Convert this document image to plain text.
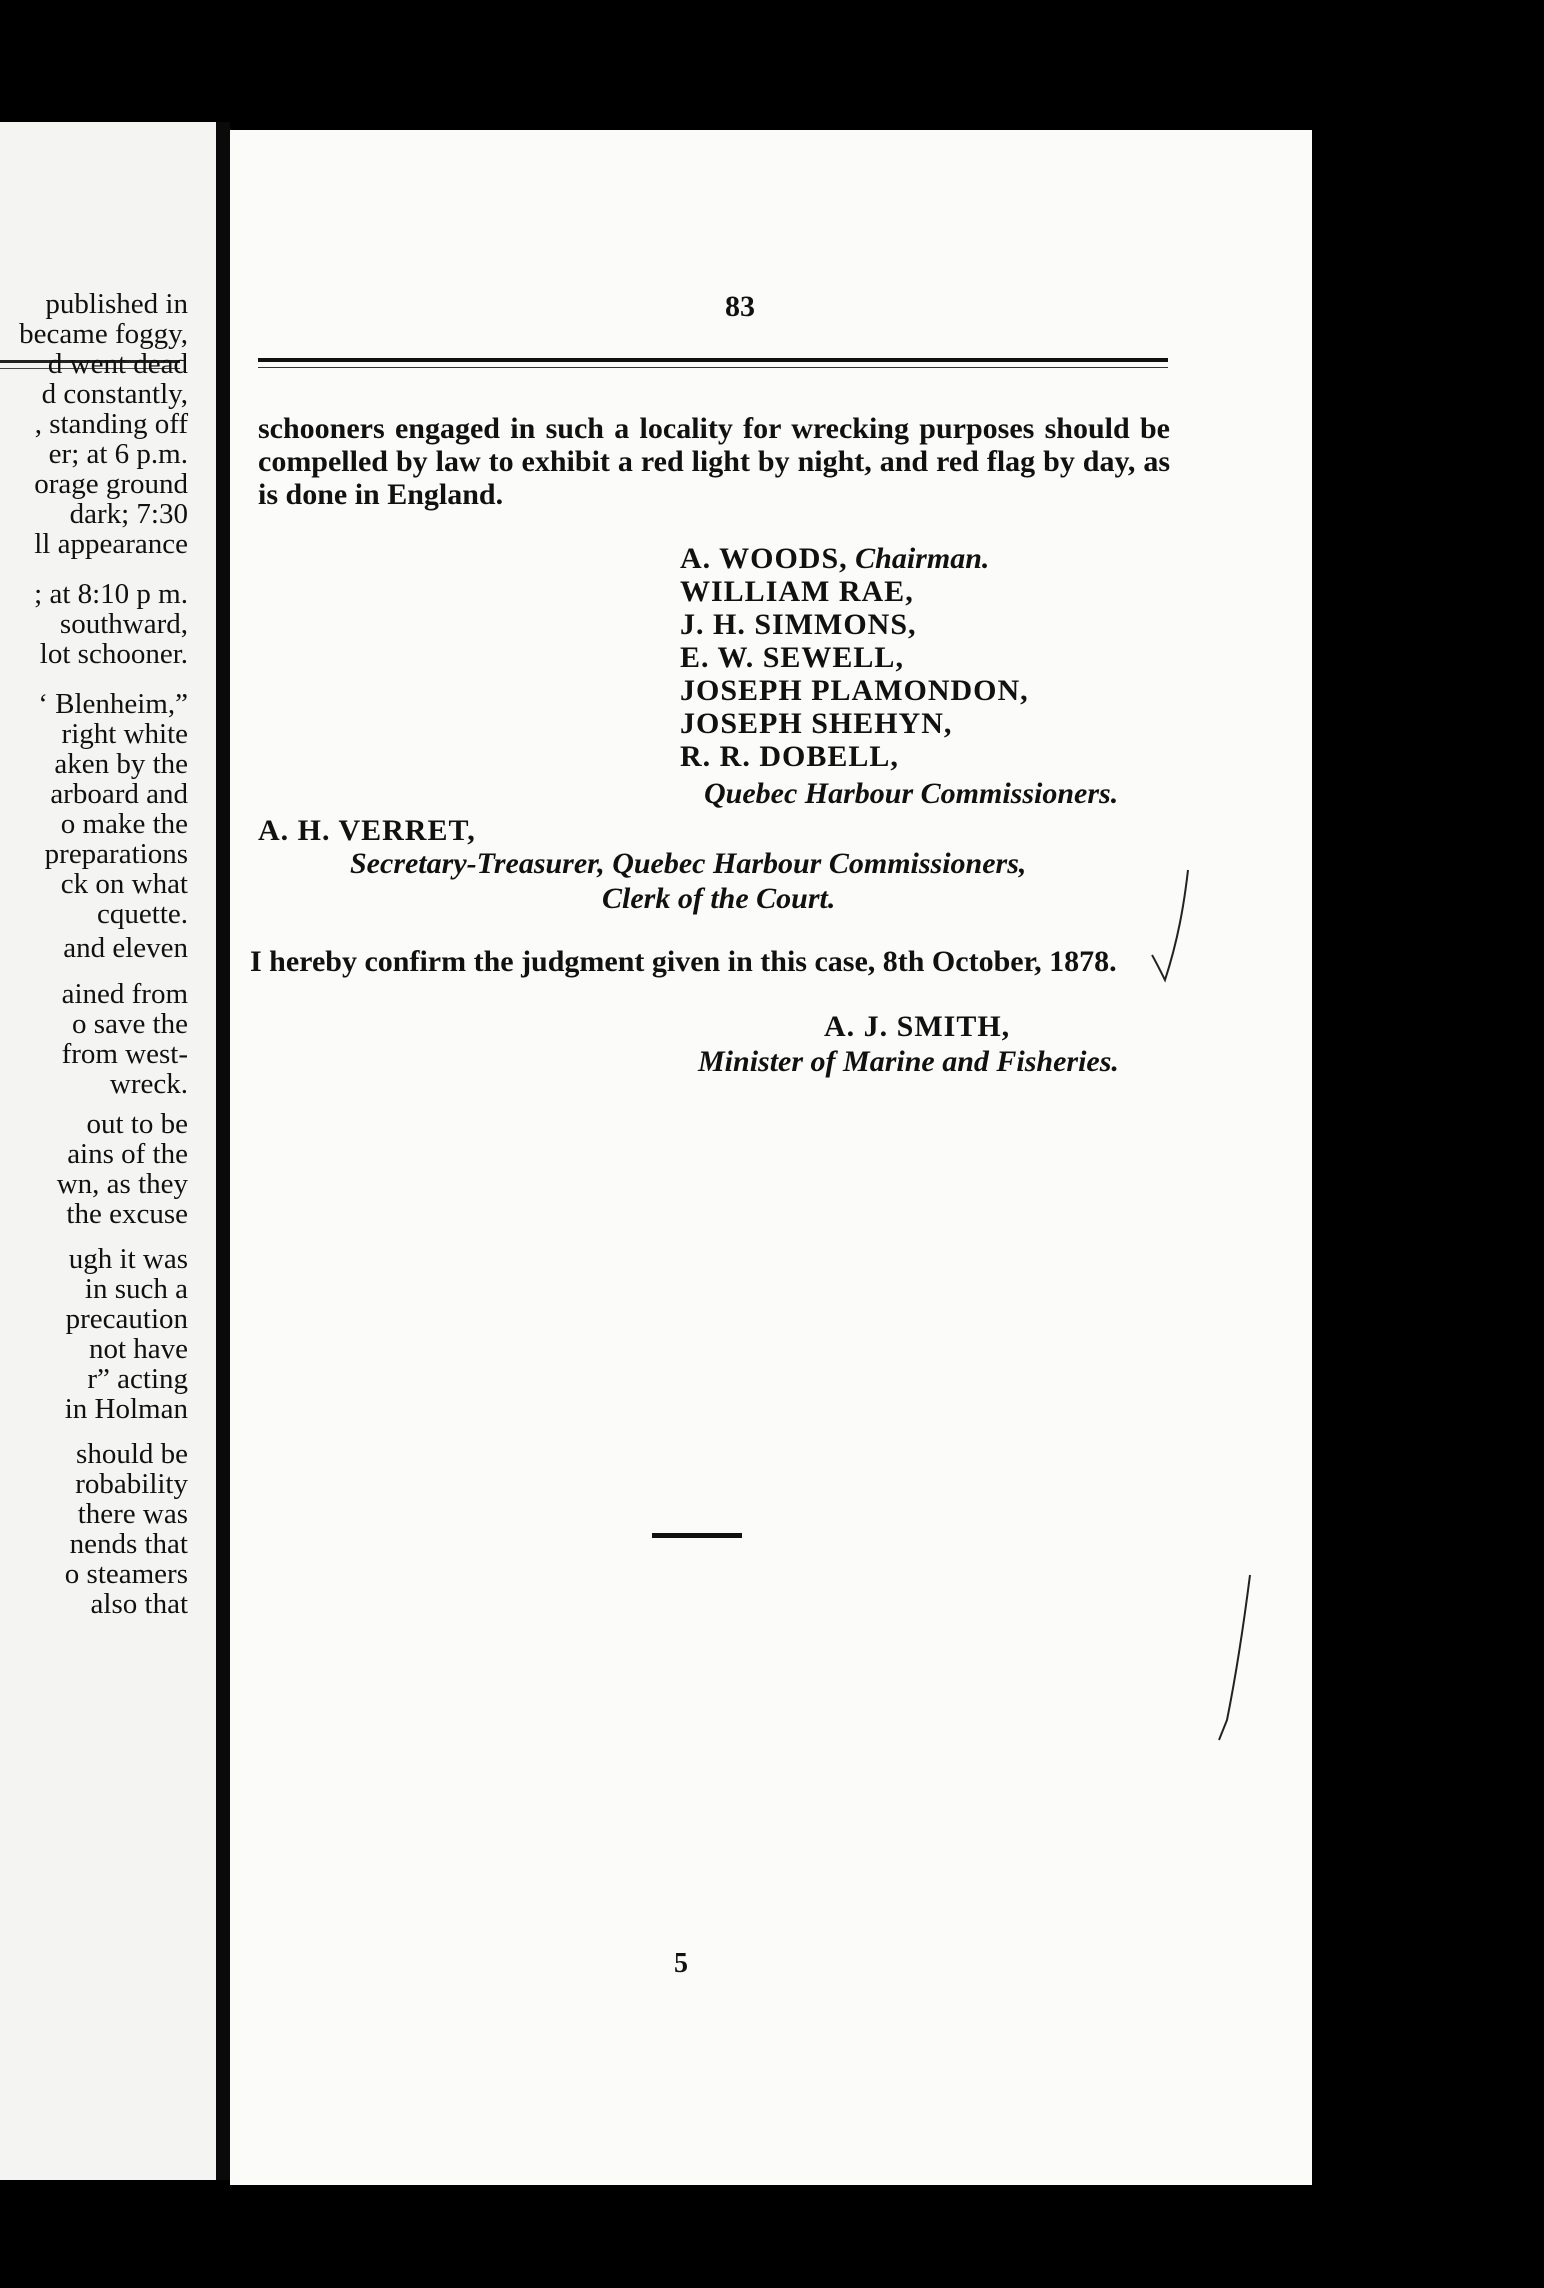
published in
became foggy,
d went dead
d constantly,
, standing off
er; at 6 p.m.
orage ground
dark; 7:30
ll appearance
; at 8:10 p m.
southward,
lot schooner.
‘ Blenheim,”
right white
aken by the
arboard and
o make the
preparations
ck on what
cquette.
and eleven
ained from
o save the
from west-
wreck.
out to be
ains of the
wn, as they
the excuse
ugh it was
in such a
precaution
not have
r” acting
in Holman
should be
robability
there was
nends that
o steamers
also that
83
schooners engaged in such a locality for wrecking purposes should be compelled by law to exhibit a red light by night, and red flag by day, as is done in England.
A. WOODS, Chairman.
WILLIAM RAE,
J. H. SIMMONS,
E. W. SEWELL,
JOSEPH PLAMONDON,
JOSEPH SHEHYN,
R. R. DOBELL,
Quebec Harbour Commissioners.
A. H. VERRET,
Secretary-Treasurer, Quebec Harbour Commissioners,
Clerk of the Court.
I hereby confirm the judgment given in this case, 8th October, 1878.
A. J. SMITH,
Minister of Marine and Fisheries.
5
